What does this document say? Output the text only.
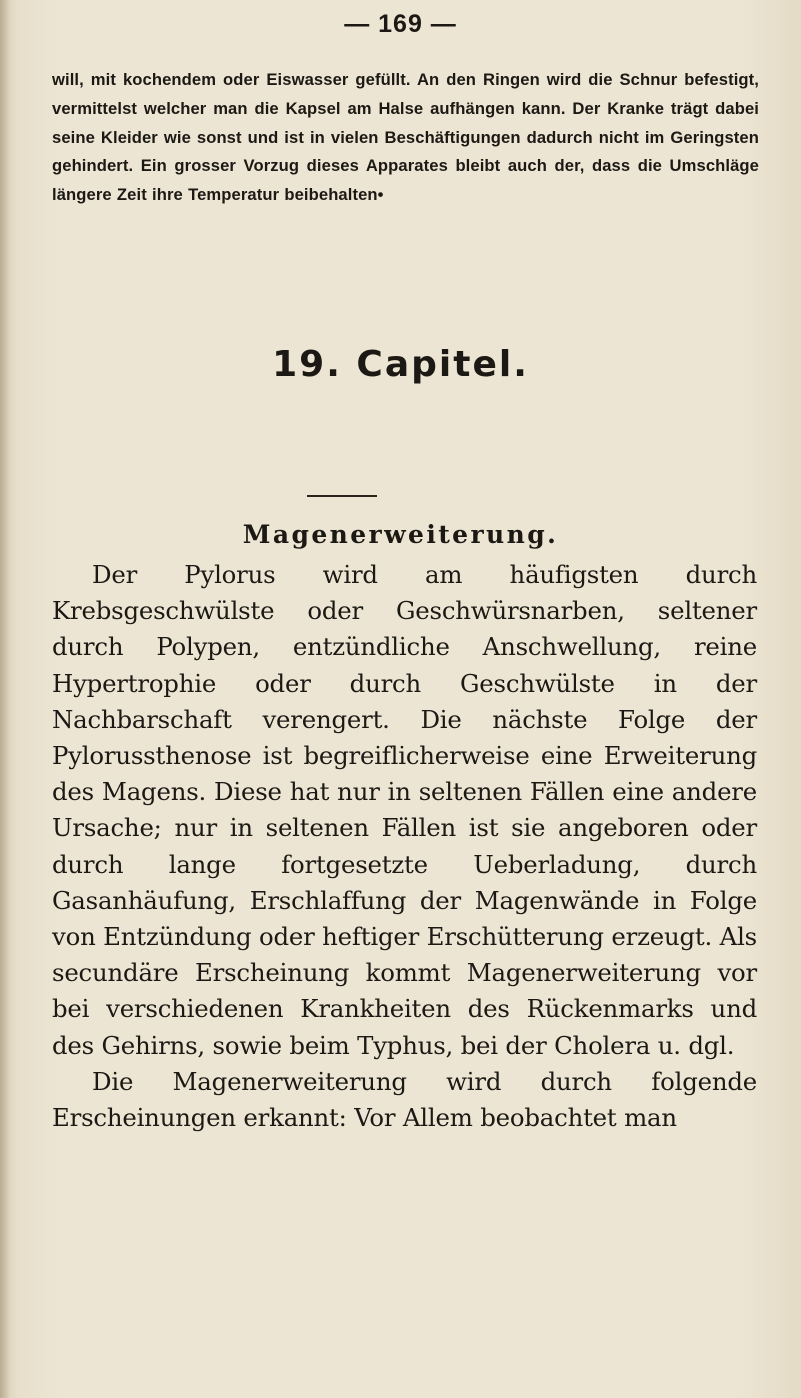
— 169 —

will, mit kochendem oder Eiswasser gefüllt. An den Ringen wird die Schnur befestigt, vermittelst welcher man die Kapsel am Halse aufhängen kann. Der Kranke trägt dabei seine Kleider wie sonst und ist in vielen Beschäftigungen dadurch nicht im Geringsten gehindert. Ein grosser Vorzug dieses Apparates bleibt auch der, dass die Umschläge längere Zeit ihre Temperatur beibehalten•

19. Capitel.
Magenerweiterung.

Der Pylorus wird am häufigsten durch Krebsgeschwülste oder Geschwürsnarben, seltener durch Polypen, entzündliche Anschwellung, reine Hypertrophie oder durch Geschwülste in der Nachbarschaft verengert. Die nächste Folge der Pylorussthenose ist begreiflicherweise eine Erweiterung des Magens. Diese hat nur in seltenen Fällen eine andere Ursache; nur in seltenen Fällen ist sie angeboren oder durch lange fortgesetzte Ueberladung, durch Gasanhäufung, Erschlaffung der Magenwände in Folge von Entzündung oder heftiger Erschütterung erzeugt. Als secundäre Erscheinung kommt Magenerweiterung vor bei verschiedenen Krankheiten des Rückenmarks und des Gehirns, sowie beim Typhus, bei der Cholera u. dgl.

Die Magenerweiterung wird durch folgende Erscheinungen erkannt: Vor Allem beobachtet man
